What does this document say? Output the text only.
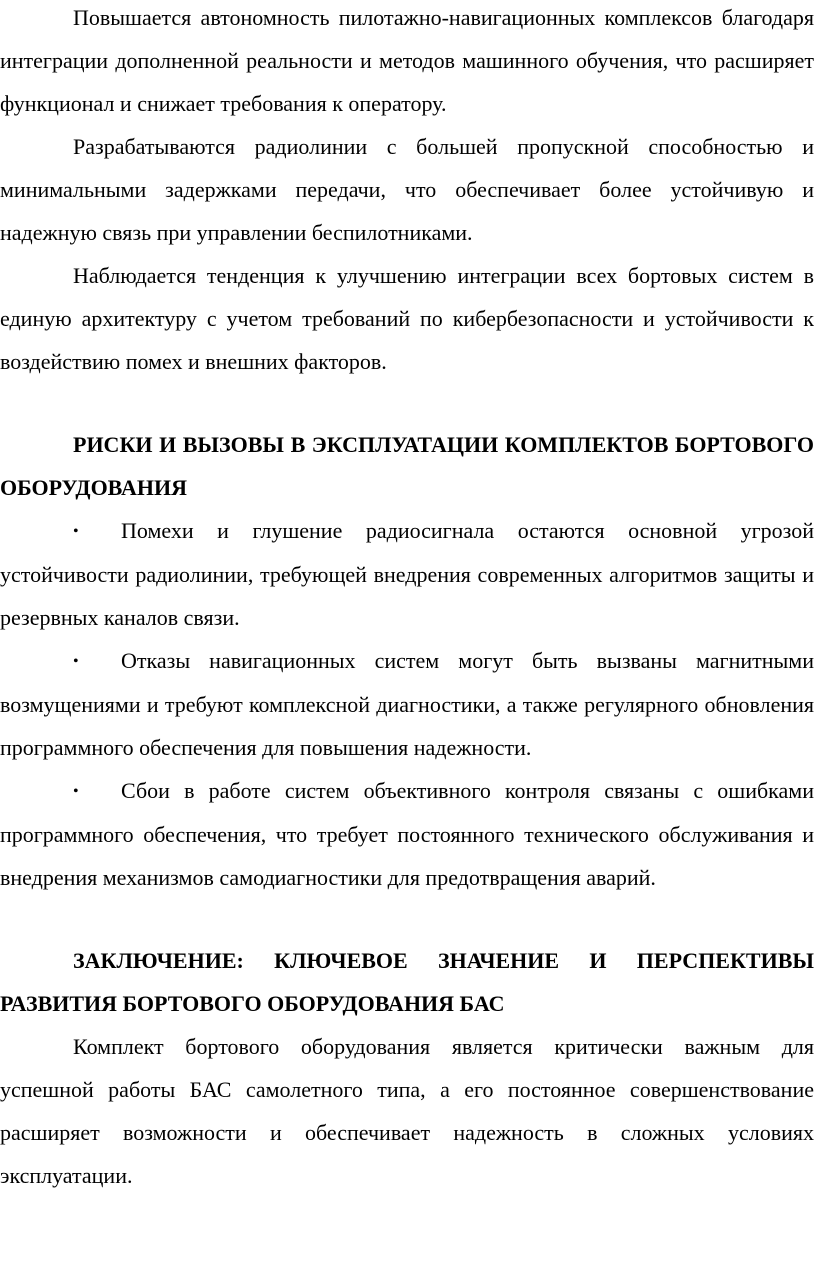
Повышается автономность пилотажно-навигационных комплексов благодаря интеграции дополненной реальности и методов машинного обучения, что расширяет функционал и снижает требования к оператору.

Разрабатываются радиолинии с большей пропускной способностью и минимальными задержками передачи, что обеспечивает более устойчивую и надежную связь при управлении беспилотниками.

Наблюдается тенденция к улучшению интеграции всех бортовых систем в единую архитектуру с учетом требований по кибербезопасности и устойчивости к воздействию помех и внешних факторов.

РИСКИ И ВЫЗОВЫ В ЭКСПЛУАТАЦИИ КОМПЛЕКТОВ БОРТОВОГО ОБОРУДОВАНИЯ

• Помехи и глушение радиосигнала остаются основной угрозой устойчивости радиолинии, требующей внедрения современных алгоритмов защиты и резервных каналов связи.

• Отказы навигационных систем могут быть вызваны магнитными возмущениями и требуют комплексной диагностики, а также регулярного обновления программного обеспечения для повышения надежности.

• Сбои в работе систем объективного контроля связаны с ошибками программного обеспечения, что требует постоянного технического обслуживания и внедрения механизмов самодиагностики для предотвращения аварий.

ЗАКЛЮЧЕНИЕ: КЛЮЧЕВОЕ ЗНАЧЕНИЕ И ПЕРСПЕКТИВЫ РАЗВИТИЯ БОРТОВОГО ОБОРУДОВАНИЯ БАС

Комплект бортового оборудования является критически важным для успешной работы БАС самолетного типа, а его постоянное совершенствование расширяет возможности и обеспечивает надежность в сложных условиях эксплуатации.
